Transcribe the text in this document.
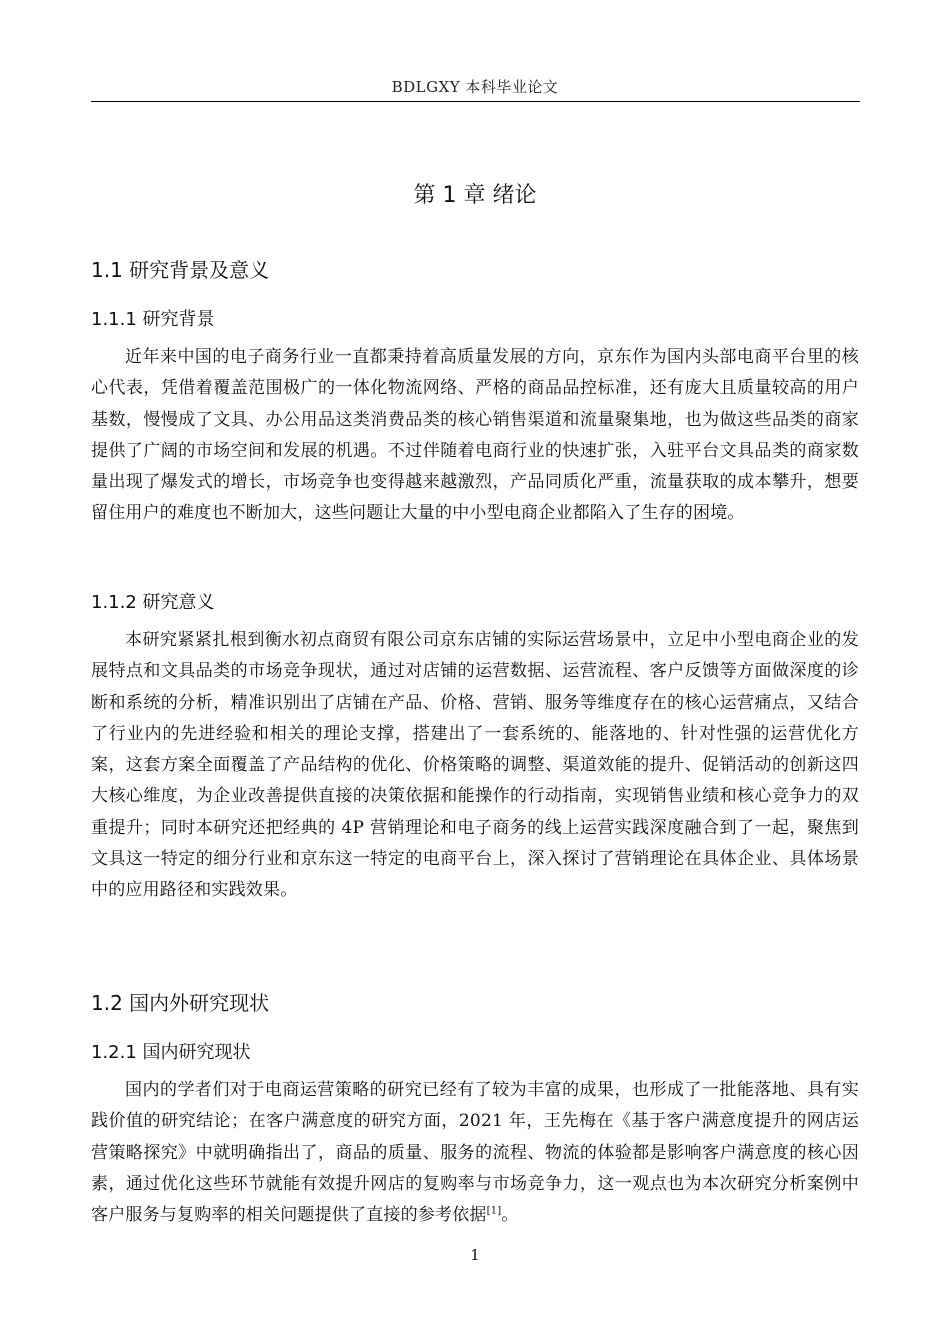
BDLGXY 本科毕业论文
第 1 章 绪论
1.1 研究背景及意义
1.1.1 研究背景

近年来中国的电子商务行业一直都秉持着高质量发展的方向，京东作为国内头部电商平台里的核心代表，凭借着覆盖范围极广的一体化物流网络、严格的商品品控标准，还有庞大且质量较高的用户基数，慢慢成了文具、办公用品这类消费品类的核心销售渠道和流量聚集地，也为做这些品类的商家提供了广阔的市场空间和发展的机遇。不过伴随着电商行业的快速扩张，入驻平台文具品类的商家数量出现了爆发式的增长，市场竞争也变得越来越激烈，产品同质化严重，流量获取的成本攀升，想要留住用户的难度也不断加大，这些问题让大量的中小型电商企业都陷入了生存的困境。

1.1.2 研究意义

本研究紧紧扎根到衡水初点商贸有限公司京东店铺的实际运营场景中，立足中小型电商企业的发展特点和文具品类的市场竞争现状，通过对店铺的运营数据、运营流程、客户反馈等方面做深度的诊断和系统的分析，精准识别出了店铺在产品、价格、营销、服务等维度存在的核心运营痛点，又结合了行业内的先进经验和相关的理论支撑，搭建出了一套系统的、能落地的、针对性强的运营优化方案，这套方案全面覆盖了产品结构的优化、价格策略的调整、渠道效能的提升、促销活动的创新这四大核心维度，为企业改善提供直接的决策依据和能操作的行动指南，实现销售业绩和核心竞争力的双重提升；同时本研究还把经典的 4P 营销理论和电子商务的线上运营实践深度融合到了一起，聚焦到文具这一特定的细分行业和京东这一特定的电商平台上，深入探讨了营销理论在具体企业、具体场景中的应用路径和实践效果。

1.2 国内外研究现状
1.2.1 国内研究现状

国内的学者们对于电商运营策略的研究已经有了较为丰富的成果，也形成了一批能落地、具有实践价值的研究结论；在客户满意度的研究方面，2021 年，王先梅在《基于客户满意度提升的网店运营策略探究》中就明确指出了，商品的质量、服务的流程、物流的体验都是影响客户满意度的核心因素，通过优化这些环节就能有效提升网店的复购率与市场竞争力，这一观点也为本次研究分析案例中客户服务与复购率的相关问题提供了直接的参考依据[1]。

1
